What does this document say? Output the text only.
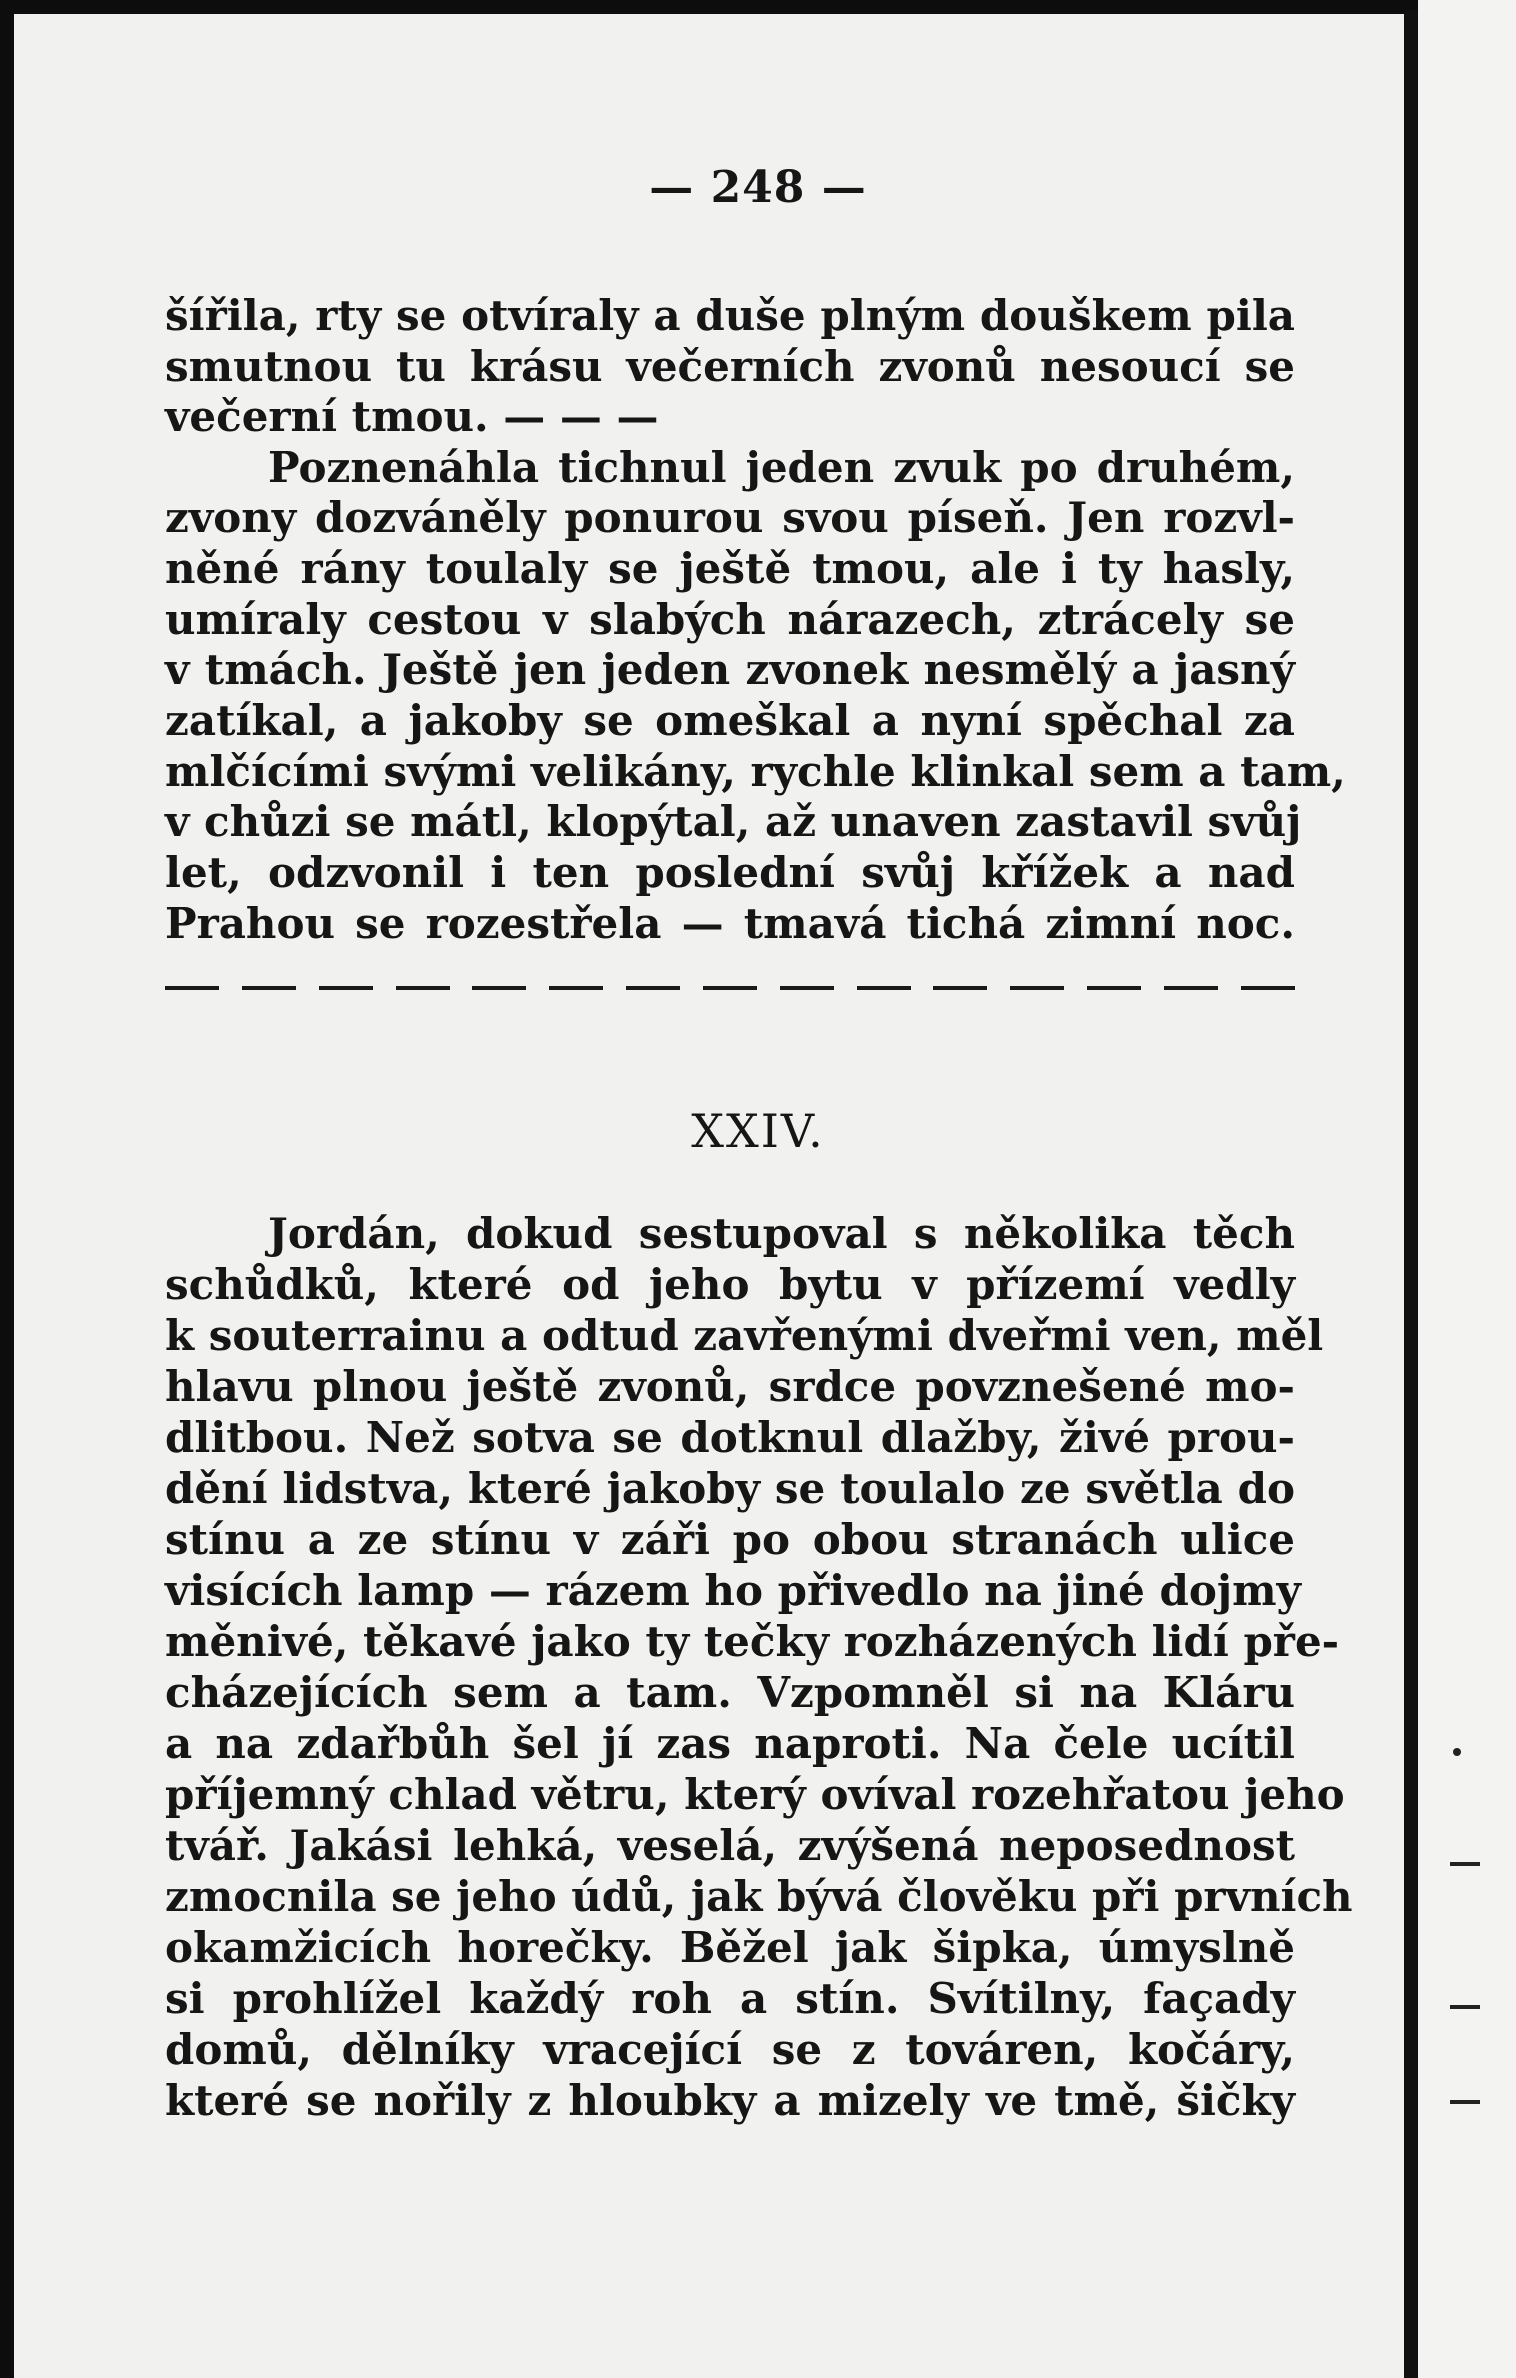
— 248 —
šířila, rty se otvíraly a duše plným douškem pila
smutnou tu krásu večerních zvonů nesoucí se
večerní tmou. — — —
Poznenáhla tichnul jeden zvuk po druhém,
zvony dozváněly ponurou svou píseň. Jen rozvl-
něné rány toulaly se ještě tmou, ale i ty hasly,
umíraly cestou v slabých nárazech, ztrácely se
v tmách. Ještě jen jeden zvonek nesmělý a jasný
zatíkal, a jakoby se omeškal a nyní spěchal za
mlčícími svými velikány, rychle klinkal sem a tam,
v chůzi se mátl, klopýtal, až unaven zastavil svůj
let, odzvonil i ten poslední svůj křížek a nad
Prahou se rozestřela — tmavá tichá zimní noc.
XXIV.
Jordán, dokud sestupoval s několika těch
schůdků, které od jeho bytu v přízemí vedly
k souterrainu a odtud zavřenými dveřmi ven, měl
hlavu plnou ještě zvonů, srdce povznešené mo-
dlitbou. Než sotva se dotknul dlažby, živé prou-
dění lidstva, které jakoby se toulalo ze světla do
stínu a ze stínu v záři po obou stranách ulice
visících lamp — rázem ho přivedlo na jiné dojmy
měnivé, těkavé jako ty tečky rozházených lidí pře-
cházejících sem a tam. Vzpomněl si na Kláru
a na zdařbůh šel jí zas naproti. Na čele ucítil
příjemný chlad větru, který ovíval rozehřatou jeho
tvář. Jakási lehká, veselá, zvýšená neposednost
zmocnila se jeho údů, jak bývá člověku při prvních
okamžicích horečky. Běžel jak šipka, úmyslně
si prohlížel každý roh a stín. Svítilny, façady
domů, dělníky vracející se z továren, kočáry,
které se nořily z hloubky a mizely ve tmě, šičky
